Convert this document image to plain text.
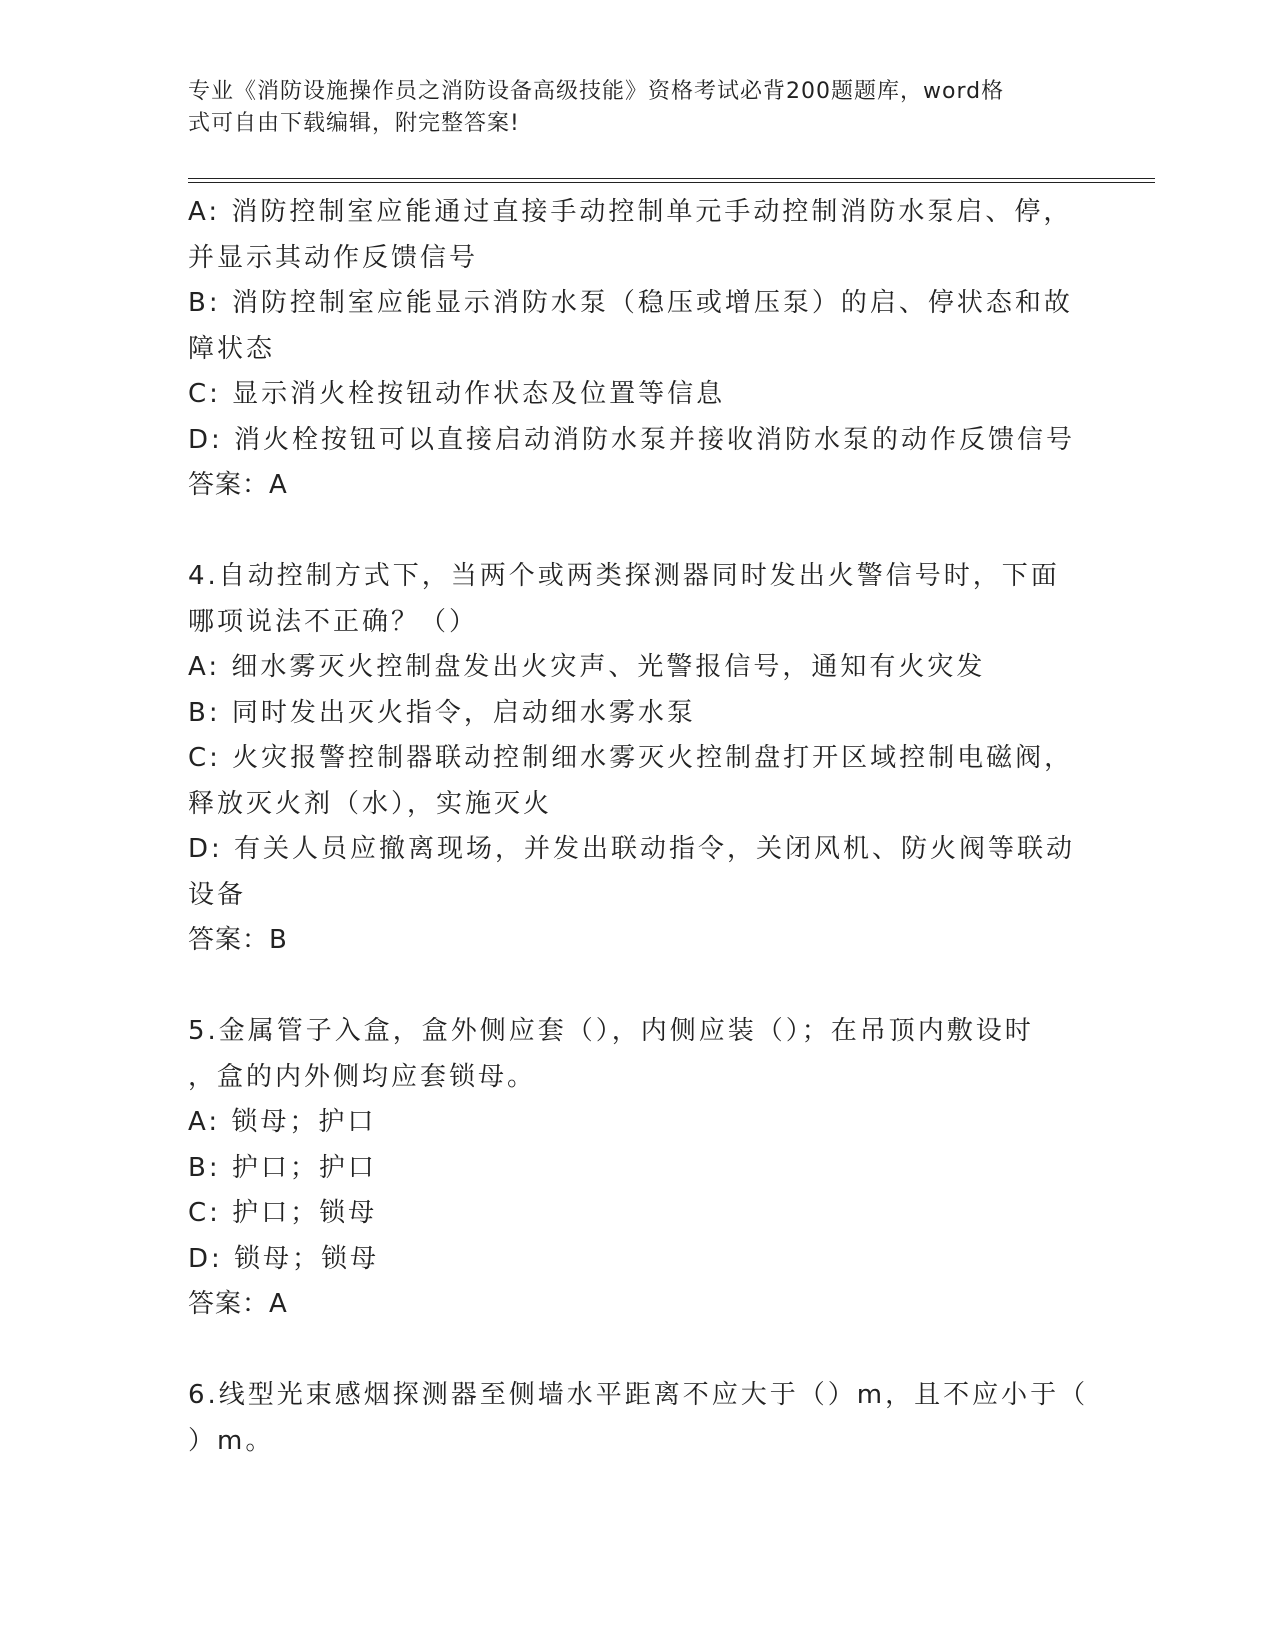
专业《消防设施操作员之消防设备高级技能》资格考试必背200题题库，word格
式可自由下载编辑，附完整答案!
A: 消防控制室应能通过直接手动控制单元手动控制消防水泵启、停，
并显示其动作反馈信号
B: 消防控制室应能显示消防水泵（稳压或增压泵）的启、停状态和故
障状态
C: 显示消火栓按钮动作状态及位置等信息
D: 消火栓按钮可以直接启动消防水泵并接收消防水泵的动作反馈信号
答案：A
4.自动控制方式下，当两个或两类探测器同时发出火警信号时，下面
哪项说法不正确？（）
A: 细水雾灭火控制盘发出火灾声、光警报信号，通知有火灾发
B: 同时发出灭火指令，启动细水雾水泵
C: 火灾报警控制器联动控制细水雾灭火控制盘打开区域控制电磁阀，
释放灭火剂（水），实施灭火
D: 有关人员应撤离现场，并发出联动指令，关闭风机、防火阀等联动
设备
答案：B
5.金属管子入盒，盒外侧应套（），内侧应装（）；在吊顶内敷设时
，盒的内外侧均应套锁母。
A: 锁母；护口
B: 护口；护口
C: 护口；锁母
D: 锁母；锁母
答案：A
6.线型光束感烟探测器至侧墙水平距离不应大于（）m，且不应小于（
）m。
